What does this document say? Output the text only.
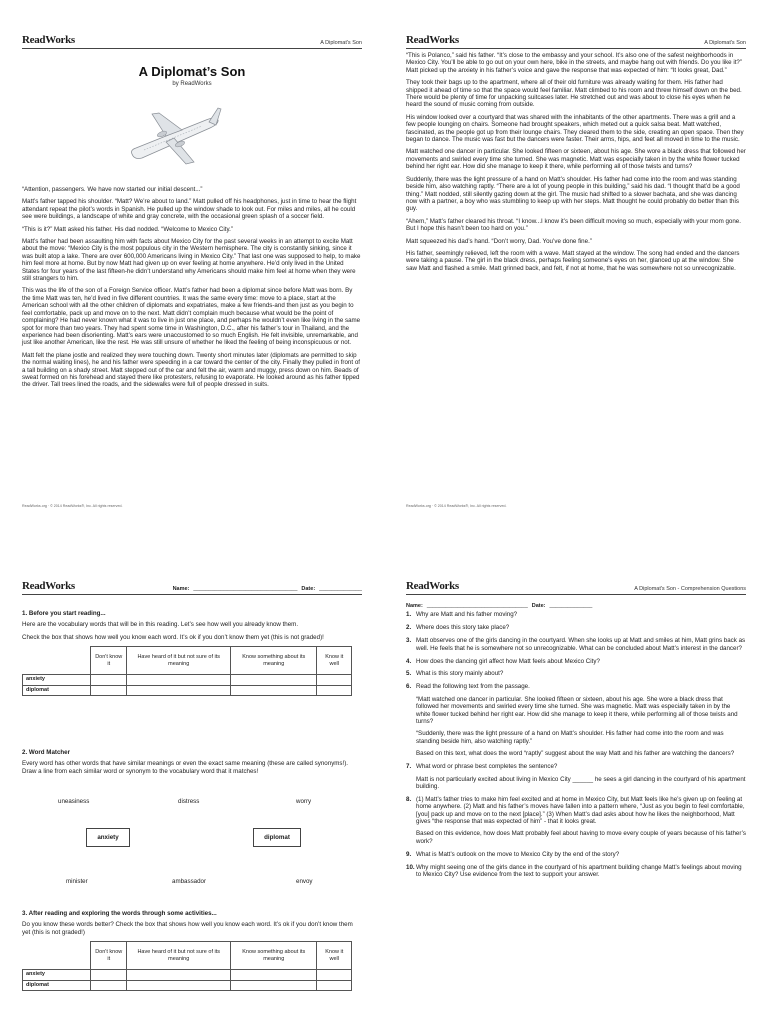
ReadWorks	A Diplomat's Son
A Diplomat’s Son
by ReadWorks

“Attention, passengers. We have now started our initial descent...”

Matt’s father tapped his shoulder. “Matt? We’re about to land.” Matt pulled off his headphones, just in time to hear the flight attendant repeat the pilot’s words in Spanish. He pulled up the window shade to look out. For miles and miles, all he could see were buildings, a landscape of white and gray concrete, with the occasional green splash of a soccer field.

“This is it?” Matt asked his father. His dad nodded. “Welcome to Mexico City.”

Matt’s father had been assaulting him with facts about Mexico City for the past several weeks in an attempt to excite Matt about the move: “Mexico City is the most populous city in the Western hemisphere. The city is constantly sinking, since it was built atop a lake. There are over 600,000 Americans living in Mexico City.” That last one was supposed to help, to make him feel more at home. But by now Matt had given up on ever feeling at home anywhere. He’d only lived in the United States for four years of the last fifteen-he didn’t understand why Americans should make him feel at home when they were still strangers to him.

This was the life of the son of a Foreign Service officer. Matt’s father had been a diplomat since before Matt was born. By the time Matt was ten, he’d lived in five different countries. It was the same every time: move to a place, start at the American school with all the other children of diplomats and expatriates, make a few friends-and then just as you begin to feel comfortable, pack up and move on to the next. Matt didn’t complain much because what would be the point of complaining? He had never known what it was to live in just one place, and perhaps he wouldn’t even like living in the same spot for more than two years. They had spent some time in Washington, D.C., after his father’s tour in Thailand, and the experience had been disorienting. Matt’s ears were unaccustomed to so much English. He felt invisible, unremarkable, and just like another American, like the rest. He was still unsure of whether he liked the feeling of being inconspicuous or not.

Matt felt the plane jostle and realized they were touching down. Twenty short minutes later (diplomats are permitted to skip the normal waiting lines), he and his father were speeding in a car toward the center of the city. Finally they pulled in front of a tall building on a shady street. Matt stepped out of the car and felt the air, warm and muggy, press down on him. Beads of sweat formed on his forehead and stayed there like protesters, refusing to evaporate. He looked around as his father tipped the driver. Tall trees lined the roads, and the sidewalks were full of people dressed in suits.

ReadWorks.org · © 2014 ReadWorks®, Inc. All rights reserved.
ReadWorks	A Diplomat's Son

“This is Polanco,” said his father. “It’s close to the embassy and your school. It’s also one of the safest neighborhoods in Mexico City. You’ll be able to go out on your own here, bike in the streets, and maybe hang out with friends. Do you like it?” Matt picked up the anxiety in his father’s voice and gave the response that was expected of him: “It looks great, Dad.”

They took their bags up to the apartment, where all of their old furniture was already waiting for them. His father had shipped it ahead of time so that the space would feel familiar. Matt climbed to his room and threw himself down on the bed. There would be plenty of time for unpacking suitcases later. He stretched out and was about to close his eyes when he heard the sound of music coming from outside.

His window looked over a courtyard that was shared with the inhabitants of the other apartments. There was a grill and a few people lounging on chairs. Someone had brought speakers, which meted out a quick salsa beat. Matt watched, fascinated, as the people got up from their lounge chairs. They cleared them to the side, creating an open space. Then they began to dance. The music was fast but the dancers were faster. Their arms, hips, and feet all moved in time to the music.

Matt watched one dancer in particular. She looked fifteen or sixteen, about his age. She wore a black dress that followed her movements and swirled every time she turned. She was magnetic. Matt was especially taken in by the white flower tucked behind her right ear. How did she manage to keep it there, while performing all of those twists and turns?

Suddenly, there was the light pressure of a hand on Matt’s shoulder. His father had come into the room and was standing beside him, also watching raptly. “There are a lot of young people in this building,” said his dad. “I thought that’d be a good thing.” Matt nodded, still silently gazing down at the girl. The music had shifted to a slower bachata, and she was dancing now with a partner, a boy who was stumbling to keep up with her steps. Matt thought he could probably do better than this guy.

“Ahem,” Matt’s father cleared his throat. “I know...I know it’s been difficult moving so much, especially with your mom gone. But I hope this hasn’t been too hard on you.”

Matt squeezed his dad’s hand. “Don’t worry, Dad. You’ve done fine.”

His father, seemingly relieved, left the room with a wave. Matt stayed at the window. The song had ended and the dancers were taking a pause. The girl in the black dress, perhaps feeling someone’s eyes on her, glanced up at the window. She saw Matt and flashed a smile. Matt grinned back, and felt, if not at home, that he was somewhere not so unrecognizable.

ReadWorks.org · © 2014 ReadWorks®, Inc. All rights reserved.
ReadWorks	Name: __________________________________ Date: ______________
1. Before you start reading...

Here are the vocabulary words that will be in this reading. Let’s see how well you already know them.

Check the box that shows how well you know each word. It’s ok if you don’t know them yet (this is not graded)!

	Don't know it	Have heard of it but not sure of its meaning	Know something about its meaning	Know it well
anxiety				
diplomat				
2. Word Matcher

Every word has other words that have similar meanings or even the exact same meaning (these are called synonyms!). Draw a line from each similar word or synonym to the vocabulary word that it matches!

uneasiness	distress	worry
anxiety	diplomat
minister	ambassador	envoy
3. After reading and exploring the words through some activities...

Do you know these words better? Check the box that shows how well you know each word. It’s ok if you don’t know them yet (this is not graded!)

	Don't know it	Have heard of it but not sure of its meaning	Know something about its meaning	Know it well
anxiety				
diplomat				
ReadWorks	A Diplomat's Son - Comprehension Questions
Name: _________________________________ Date: ______________
1. Why are Matt and his father moving?
2. Where does this story take place?
3. Matt observes one of the girls dancing in the courtyard. When she looks up at Matt and smiles at him, Matt grins back as well. He feels that he is somewhere not so unrecognizable. What can be concluded about Matt’s interest in the dancer?
4. How does the dancing girl affect how Matt feels about Mexico City?
5. What is this story mainly about?
6. Read the following text from the passage.
“Matt watched one dancer in particular. She looked fifteen or sixteen, about his age. She wore a black dress that followed her movements and swirled every time she turned. She was magnetic. Matt was especially taken in by the white flower tucked behind her right ear. How did she manage to keep it there, while performing all of those twists and turns?
“Suddenly, there was the light pressure of a hand on Matt’s shoulder. His father had come into the room and was standing beside him, also watching raptly.”
Based on this text, what does the word “raptly” suggest about the way Matt and his father are watching the dancers?
7. What word or phrase best completes the sentence?
Matt is not particularly excited about living in Mexico City ______ he sees a girl dancing in the courtyard of his apartment building.
8. (1) Matt’s father tries to make him feel excited and at home in Mexico City, but Matt feels like he’s given up on feeling at home anywhere. (2) Matt and his father’s moves have fallen into a pattern where, “Just as you begin to feel comfortable, [you] pack up and move on to the next [place].” (3) When Matt’s dad asks about how he likes the neighborhood, Matt gives “the response that was expected of him” - that it looks great.
Based on this evidence, how does Matt probably feel about having to move every couple of years because of his father’s work?
9. What is Matt’s outlook on the move to Mexico City by the end of the story?
10. Why might seeing one of the girls dance in the courtyard of his apartment building change Matt’s feelings about moving to Mexico City? Use evidence from the text to support your answer.
